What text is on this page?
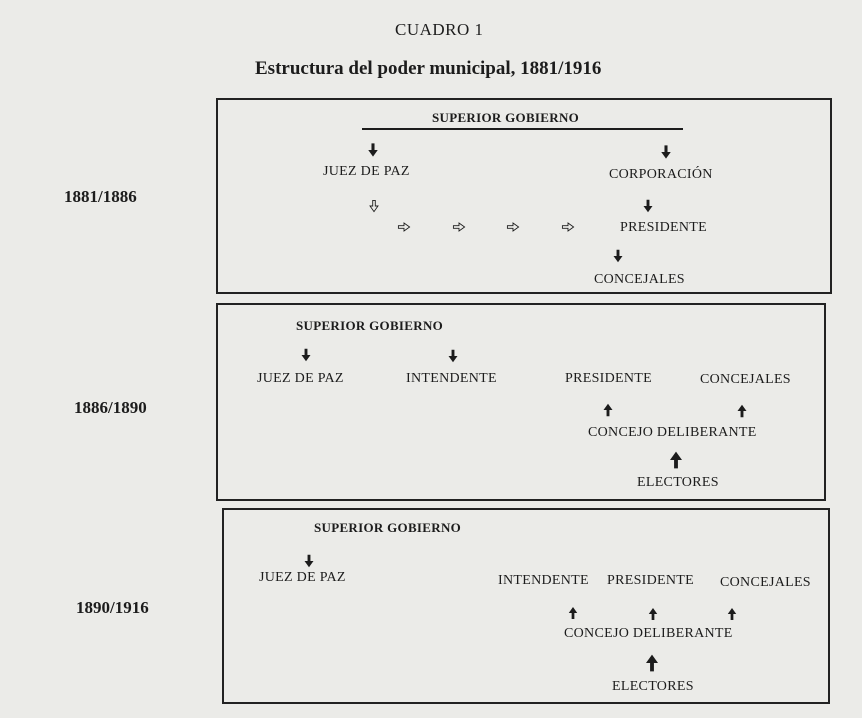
CUADRO 1
Estructura del poder municipal, 1881/1916
1881/1886
1886/1890
1890/1916
SUPERIOR GOBIERNO
JUEZ DE PAZ	CORPORACIÓN
PRESIDENTE
CONCEJALES
SUPERIOR GOBIERNO
JUEZ DE PAZ	INTENDENTE	PRESIDENTE	CONCEJALES
CONCEJO DELIBERANTE
ELECTORES
SUPERIOR GOBIERNO
JUEZ DE PAZ	INTENDENTE PRESIDENTE CONCEJALES
CONCEJO DELIBERANTE
ELECTORES
